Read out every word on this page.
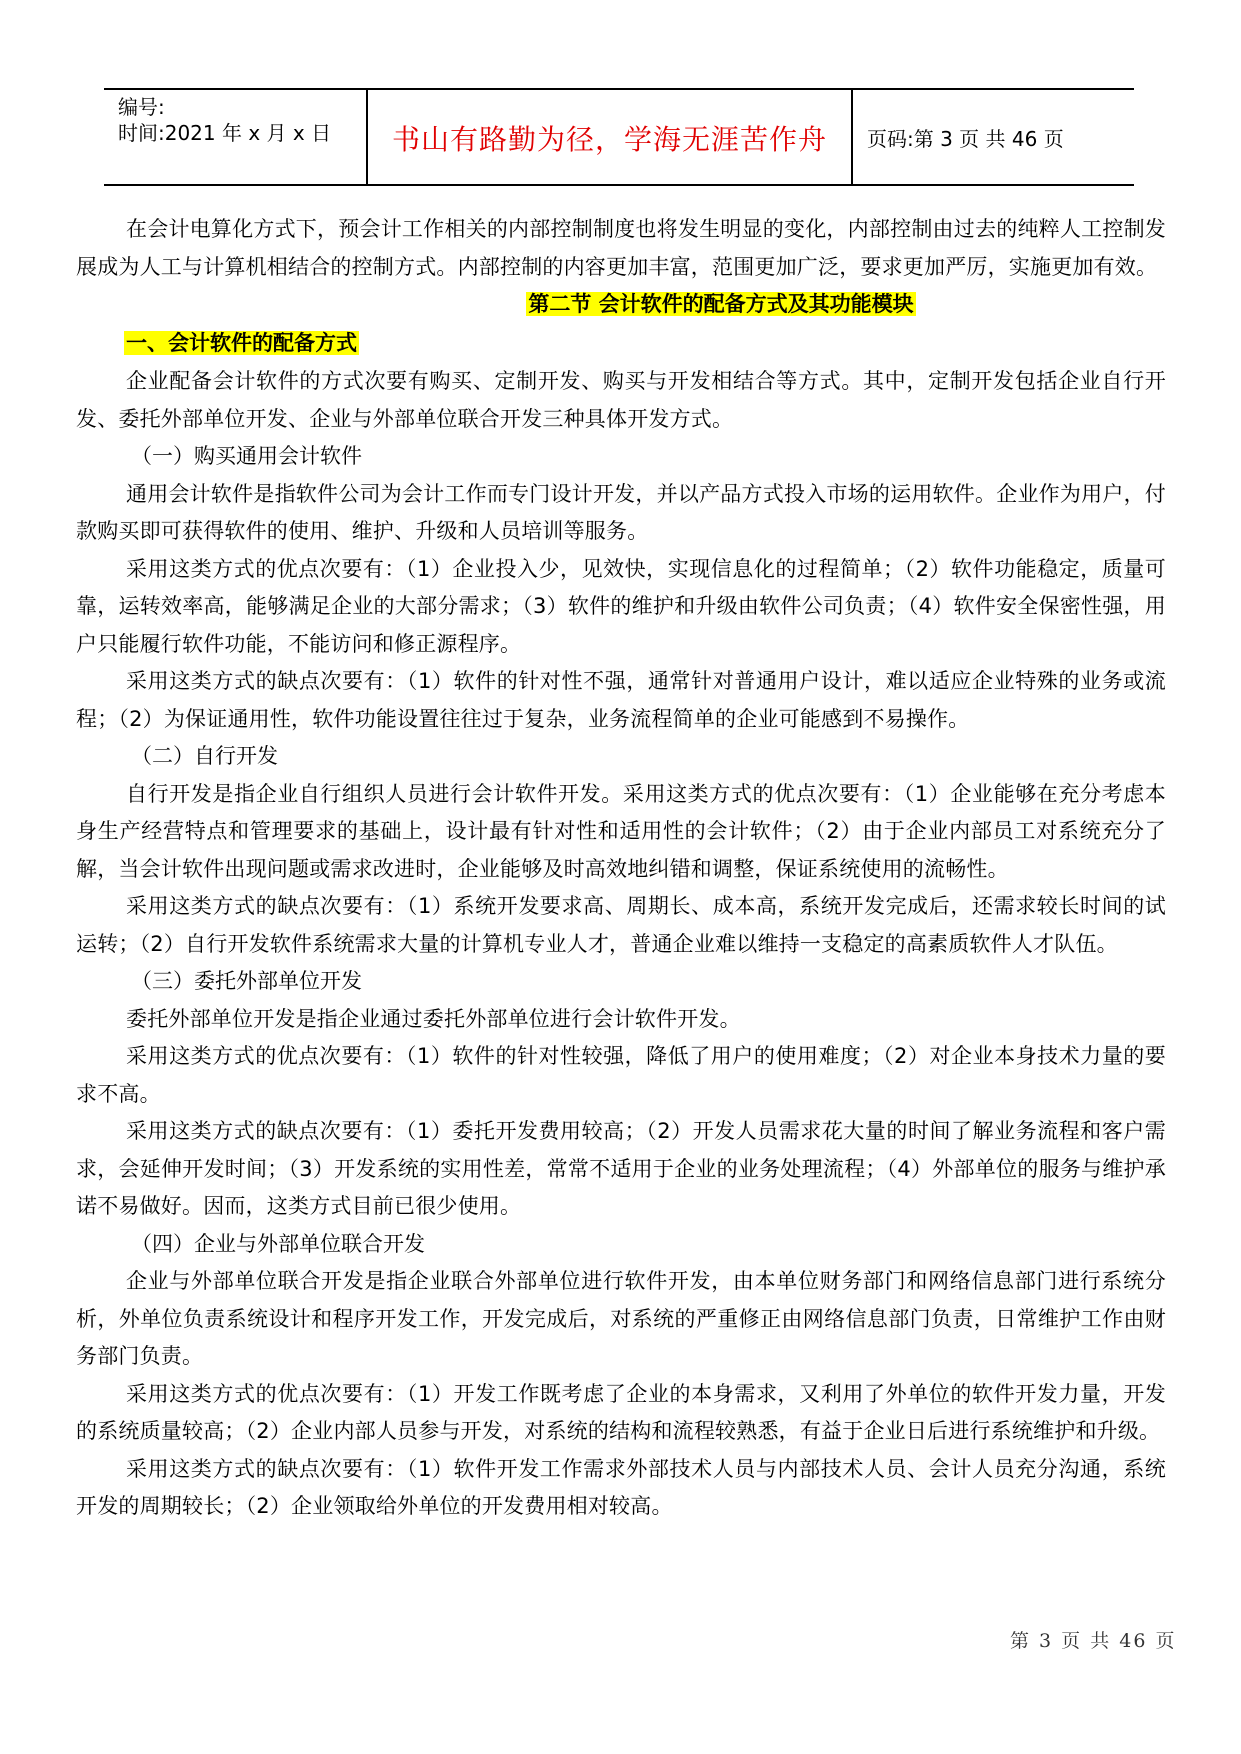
编号:
时间:2021 年 x 月 x 日	书山有路勤为径，学海无涯苦作舟	页码:第 3 页 共 46 页

在会计电算化方式下，预会计工作相关的内部控制制度也将发生明显的变化，内部控制由过去的纯粹人工控制发展成为人工与计算机相结合的控制方式。内部控制的内容更加丰富，范围更加广泛，要求更加严厉，实施更加有效。

第二节 会计软件的配备方式及其功能模块

一、会计软件的配备方式

企业配备会计软件的方式次要有购买、定制开发、购买与开发相结合等方式。其中，定制开发包括企业自行开发、委托外部单位开发、企业与外部单位联合开发三种具体开发方式。

（一）购买通用会计软件

通用会计软件是指软件公司为会计工作而专门设计开发，并以产品方式投入市场的运用软件。企业作为用户，付款购买即可获得软件的使用、维护、升级和人员培训等服务。

采用这类方式的优点次要有：（1）企业投入少，见效快，实现信息化的过程简单；（2）软件功能稳定，质量可靠，运转效率高，能够满足企业的大部分需求；（3）软件的维护和升级由软件公司负责；（4）软件安全保密性强，用户只能履行软件功能，不能访问和修正源程序。

采用这类方式的缺点次要有：（1）软件的针对性不强，通常针对普通用户设计，难以适应企业特殊的业务或流程；（2）为保证通用性，软件功能设置往往过于复杂，业务流程简单的企业可能感到不易操作。

（二）自行开发

自行开发是指企业自行组织人员进行会计软件开发。采用这类方式的优点次要有：（1）企业能够在充分考虑本身生产经营特点和管理要求的基础上，设计最有针对性和适用性的会计软件；（2）由于企业内部员工对系统充分了解，当会计软件出现问题或需求改进时，企业能够及时高效地纠错和调整，保证系统使用的流畅性。

采用这类方式的缺点次要有：（1）系统开发要求高、周期长、成本高，系统开发完成后，还需求较长时间的试运转；（2）自行开发软件系统需求大量的计算机专业人才，普通企业难以维持一支稳定的高素质软件人才队伍。

（三）委托外部单位开发

委托外部单位开发是指企业通过委托外部单位进行会计软件开发。

采用这类方式的优点次要有：（1）软件的针对性较强，降低了用户的使用难度；（2）对企业本身技术力量的要求不高。

采用这类方式的缺点次要有：（1）委托开发费用较高；（2）开发人员需求花大量的时间了解业务流程和客户需求，会延伸开发时间；（3）开发系统的实用性差，常常不适用于企业的业务处理流程；（4）外部单位的服务与维护承诺不易做好。因而，这类方式目前已很少使用。

（四）企业与外部单位联合开发

企业与外部单位联合开发是指企业联合外部单位进行软件开发，由本单位财务部门和网络信息部门进行系统分析，外单位负责系统设计和程序开发工作，开发完成后，对系统的严重修正由网络信息部门负责，日常维护工作由财务部门负责。

采用这类方式的优点次要有：（1）开发工作既考虑了企业的本身需求，又利用了外单位的软件开发力量，开发的系统质量较高；（2）企业内部人员参与开发，对系统的结构和流程较熟悉，有益于企业日后进行系统维护和升级。

采用这类方式的缺点次要有：（1）软件开发工作需求外部技术人员与内部技术人员、会计人员充分沟通，系统开发的周期较长；（2）企业领取给外单位的开发费用相对较高。

第 3 页 共 46 页
